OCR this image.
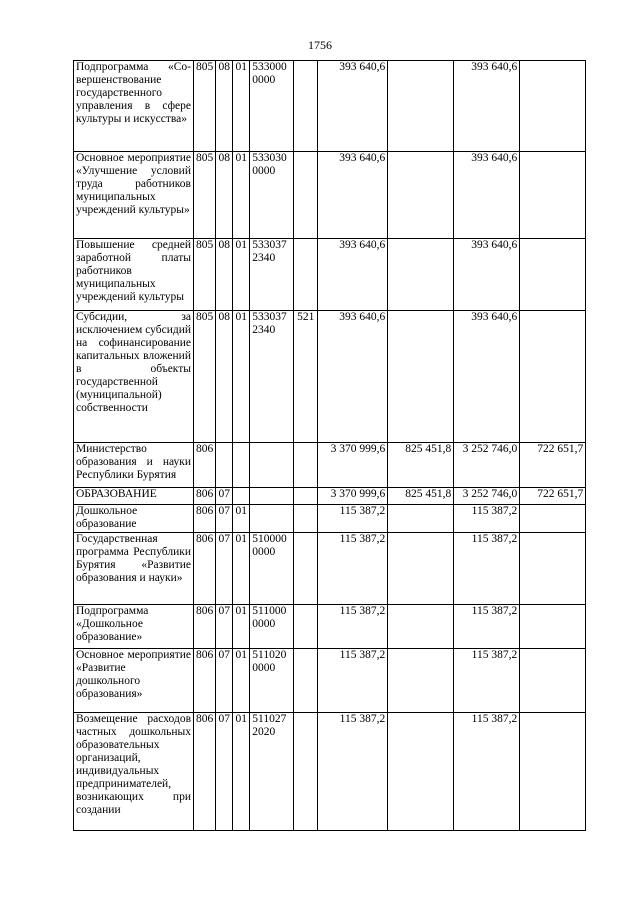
1756
Подпрограмма «Совершенствование государственного управления в сфере культуры и искусства»	805	08	01	533000 0000		393 640,6		393 640,6	
Основное мероприятие «Улучшение условий труда работников муниципальных учреждений культуры»	805	08	01	533030 0000		393 640,6		393 640,6	
Повышение средней заработной платы работников муниципальных учреждений культуры	805	08	01	533037 2340		393 640,6		393 640,6	
Субсидии, за исключением субсидий на софинансирование капитальных вложений в объекты государственной (муниципальной) собственности	805	08	01	533037 2340	521	393 640,6		393 640,6	
Министерство образования и науки Республики Бурятия	806					3 370 999,6	825 451,8	3 252 746,0	722 651,7
ОБРАЗОВАНИЕ	806	07				3 370 999,6	825 451,8	3 252 746,0	722 651,7
Дошкольное образование	806	07	01			115 387,2		115 387,2	
Государственная программа Республики Бурятия «Развитие образования и науки»	806	07	01	510000 0000		115 387,2		115 387,2	
Подпрограмма «Дошкольное образование»	806	07	01	511000 0000		115 387,2		115 387,2	
Основное мероприятие «Развитие дошкольного образования»	806	07	01	511020 0000		115 387,2		115 387,2	
Возмещение расходов частных дошкольных образовательных организаций, индивидуальных предпринимателей, возникающих при создании	806	07	01	511027 2020		115 387,2		115 387,2	
